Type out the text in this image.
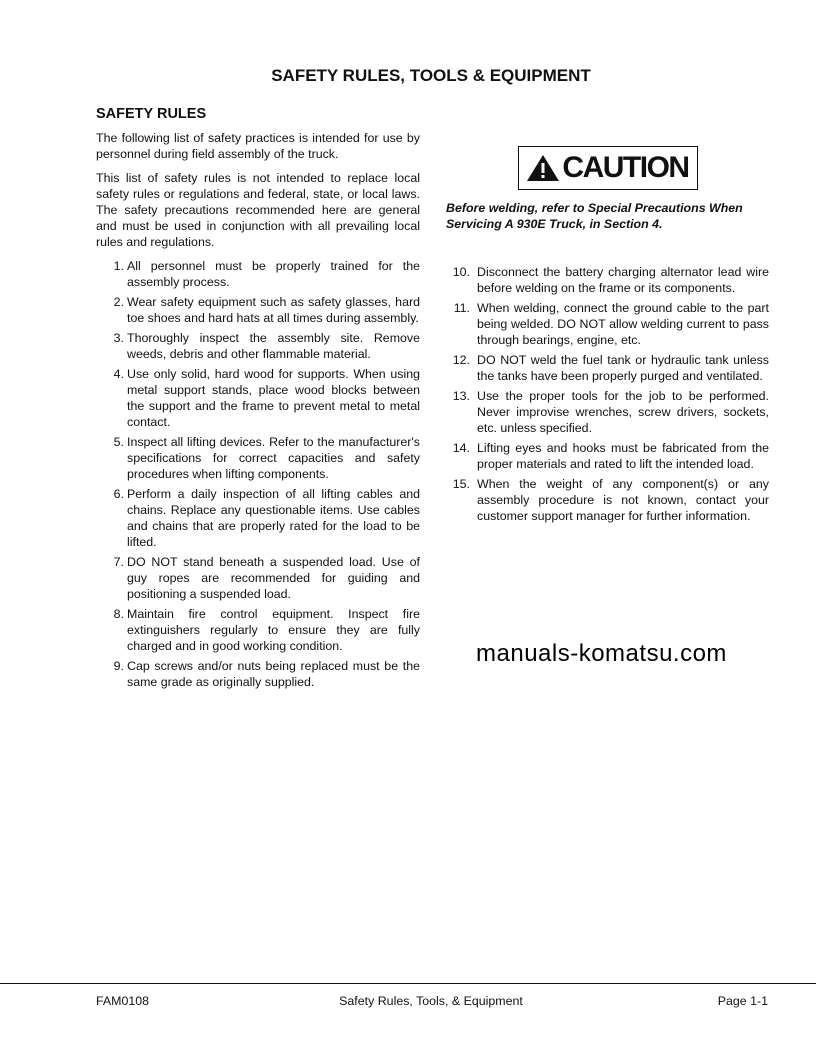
SAFETY RULES, TOOLS & EQUIPMENT
SAFETY RULES

The following list of safety practices is intended for use by personnel during field assembly of the truck.

This list of safety rules is not intended to replace local safety rules or regulations and federal, state, or local laws. The safety precautions recommended here are general and must be used in conjunction with all prevailing local rules and regulations.

1. All personnel must be properly trained for the assembly process.
2. Wear safety equipment such as safety glasses, hard toe shoes and hard hats at all times during assembly.
3. Thoroughly inspect the assembly site. Remove weeds, debris and other flammable material.
4. Use only solid, hard wood for supports. When using metal support stands, place wood blocks between the support and the frame to prevent metal to metal contact.
5. Inspect all lifting devices. Refer to the manufacturer's specifications for correct capacities and safety procedures when lifting components.
6. Perform a daily inspection of all lifting cables and chains. Replace any questionable items. Use cables and chains that are properly rated for the load to be lifted.
7. DO NOT stand beneath a suspended load. Use of guy ropes are recommended for guiding and positioning a suspended load.
8. Maintain fire control equipment. Inspect fire extinguishers regularly to ensure they are fully charged and in good working condition.
9. Cap screws and/or nuts being replaced must be the same grade as originally supplied.
CAUTION
Before welding, refer to Special Precautions When Servicing A 930E Truck, in Section 4.
10. Disconnect the battery charging alternator lead wire before welding on the frame or its components.
11. When welding, connect the ground cable to the part being welded. DO NOT allow welding current to pass through bearings, engine, etc.
12. DO NOT weld the fuel tank or hydraulic tank unless the tanks have been properly purged and ventilated.
13. Use the proper tools for the job to be performed. Never improvise wrenches, screw drivers, sockets, etc. unless specified.
14. Lifting eyes and hooks must be fabricated from the proper materials and rated to lift the intended load.
15. When the weight of any component(s) or any assembly procedure is not known, contact your customer support manager for further information.
manuals-komatsu.com
FAM0108	Safety Rules, Tools, & Equipment	Page 1-1
